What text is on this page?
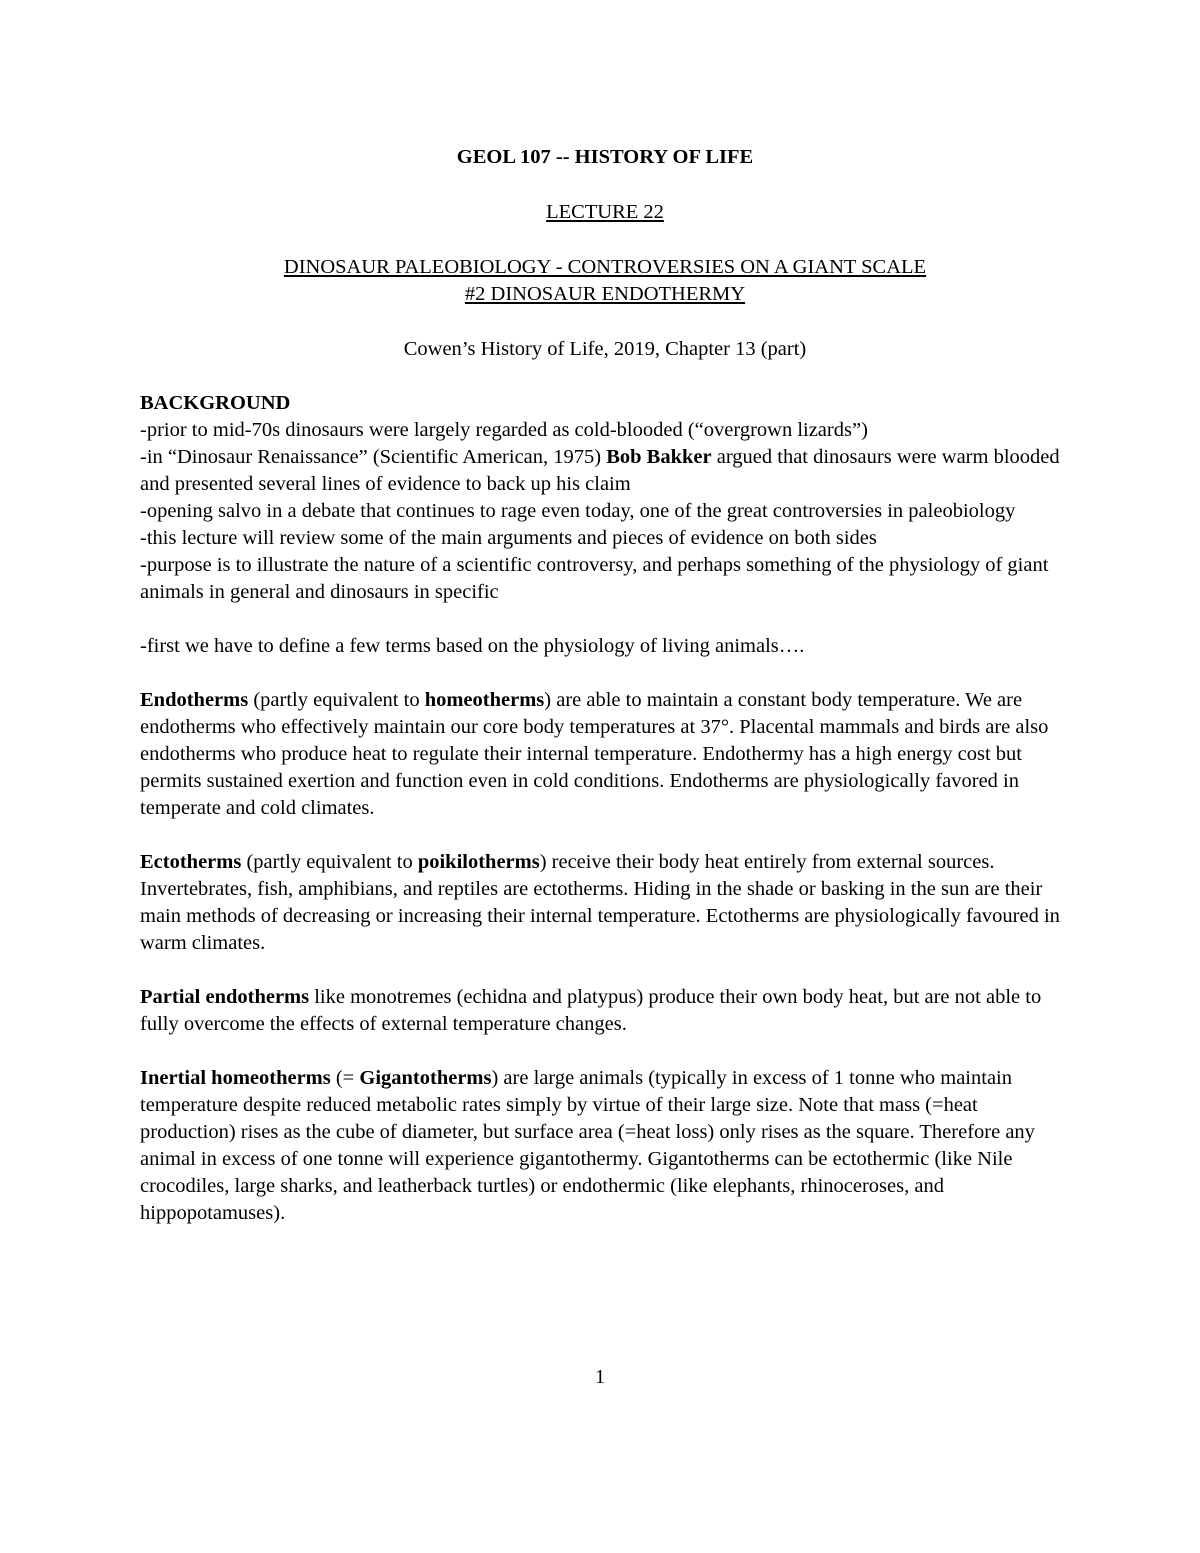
GEOL 107 -- HISTORY OF LIFE

LECTURE 22

DINOSAUR PALEOBIOLOGY - CONTROVERSIES ON A GIANT SCALE

#2 DINOSAUR ENDOTHERMY

Cowen’s History of Life, 2019, Chapter 13 (part)

BACKGROUND

-prior to mid-70s dinosaurs were largely regarded as cold-blooded (“overgrown lizards”)

-in “Dinosaur Renaissance” (Scientific American, 1975) Bob Bakker argued that dinosaurs were warm blooded and presented several lines of evidence to back up his claim

-opening salvo in a debate that continues to rage even today, one of the great controversies in paleobiology

-this lecture will review some of the main arguments and pieces of evidence on both sides

-purpose is to illustrate the nature of a scientific controversy, and perhaps something of the physiology of giant animals in general and dinosaurs in specific

-first we have to define a few terms based on the physiology of living animals….

Endotherms (partly equivalent to homeotherms) are able to maintain a constant body temperature. We are endotherms who effectively maintain our core body temperatures at 37°. Placental mammals and birds are also endotherms who produce heat to regulate their internal temperature. Endothermy has a high energy cost but permits sustained exertion and function even in cold conditions. Endotherms are physiologically favored in temperate and cold climates.

Ectotherms (partly equivalent to poikilotherms) receive their body heat entirely from external sources. Invertebrates, fish, amphibians, and reptiles are ectotherms. Hiding in the shade or basking in the sun are their main methods of decreasing or increasing their internal temperature. Ectotherms are physiologically favoured in warm climates.

Partial endotherms like monotremes (echidna and platypus) produce their own body heat, but are not able to fully overcome the effects of external temperature changes.

Inertial homeotherms (= Gigantotherms) are large animals (typically in excess of 1 tonne who maintain temperature despite reduced metabolic rates simply by virtue of their large size. Note that mass (=heat production) rises as the cube of diameter, but surface area (=heat loss) only rises as the square. Therefore any animal in excess of one tonne will experience gigantothermy. Gigantotherms can be ectothermic (like Nile crocodiles, large sharks, and leatherback turtles) or endothermic (like elephants, rhinoceroses, and hippopotamuses).

1
